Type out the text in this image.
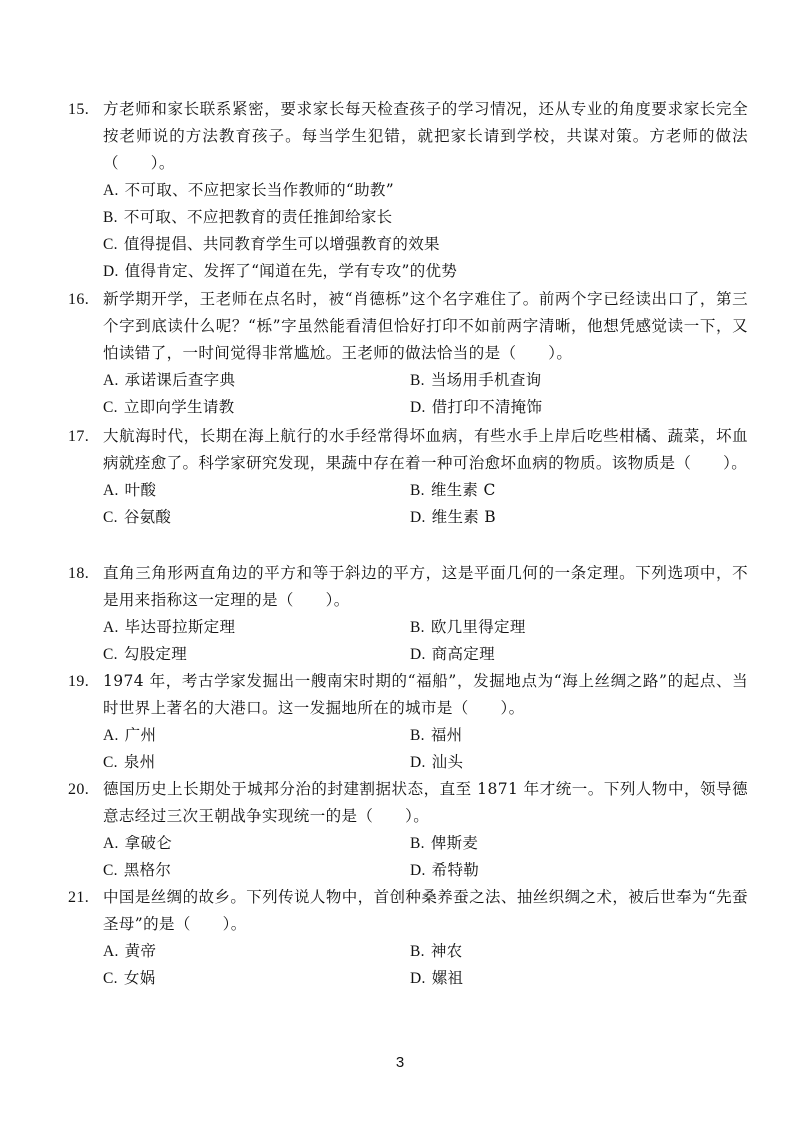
15. 方老师和家长联系紧密，要求家长每天检查孩子的学习情况，还从专业的角度要求家长完全按老师说的方法教育孩子。每当学生犯错，就把家长请到学校，共谋对策。方老师的做法（　　）。
A. 不可取、不应把家长当作教师的“助教”
B. 不可取、不应把教育的责任推卸给家长
C. 值得提倡、共同教育学生可以增强教育的效果
D. 值得肯定、发挥了“闻道在先，学有专攻”的优势
16. 新学期开学，王老师在点名时，被“肖德栎”这个名字难住了。前两个字已经读出口了，第三个字到底读什么呢？“栎”字虽然能看清但恰好打印不如前两字清晰，他想凭感觉读一下，又怕读错了，一时间觉得非常尴尬。王老师的做法恰当的是（　　）。
A. 承诺课后查字典	B. 当场用手机查询
C. 立即向学生请教	D. 借打印不清掩饰
17. 大航海时代，长期在海上航行的水手经常得坏血病，有些水手上岸后吃些柑橘、蔬菜，坏血病就痊愈了。科学家研究发现，果蔬中存在着一种可治愈坏血病的物质。该物质是（　　）。
A. 叶酸	B. 维生素 C
C. 谷氨酸	D. 维生素 B
18. 直角三角形两直角边的平方和等于斜边的平方，这是平面几何的一条定理。下列选项中，不是用来指称这一定理的是（　　）。
A. 毕达哥拉斯定理	B. 欧几里得定理
C. 勾股定理	D. 商高定理
19. 1974 年，考古学家发掘出一艘南宋时期的“福船”，发掘地点为“海上丝绸之路”的起点、当时世界上著名的大港口。这一发掘地所在的城市是（　　）。
A. 广州	B. 福州
C. 泉州	D. 汕头
20. 德国历史上长期处于城邦分治的封建割据状态，直至 1871 年才统一。下列人物中，领导德意志经过三次王朝战争实现统一的是（　　）。
A. 拿破仑	B. 俾斯麦
C. 黑格尔	D. 希特勒
21. 中国是丝绸的故乡。下列传说人物中，首创种桑养蚕之法、抽丝织绸之术，被后世奉为“先蚕圣母”的是（　　）。
A. 黄帝	B. 神农
C. 女娲	D. 嫘祖
3
